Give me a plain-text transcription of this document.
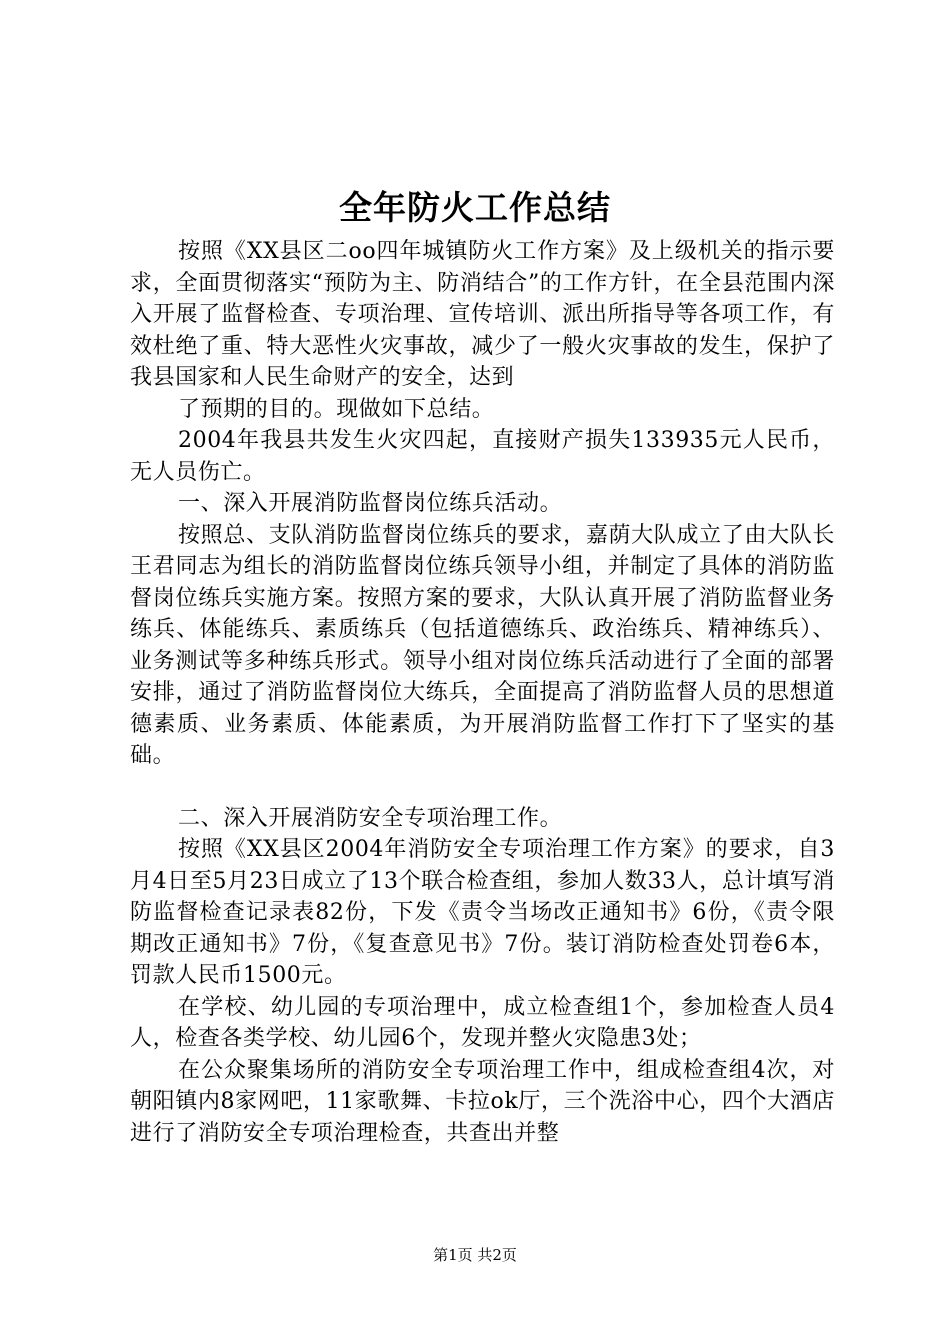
全年防火工作总结

按照《XX县区二oo四年城镇防火工作方案》及上级机关的指示要求，全面贯彻落实“预防为主、防消结合”的工作方针，在全县范围内深入开展了监督检查、专项治理、宣传培训、派出所指导等各项工作，有效杜绝了重、特大恶性火灾事故，减少了一般火灾事故的发生，保护了我县国家和人民生命财产的安全，达到

了预期的目的。现做如下总结。

2004年我县共发生火灾四起，直接财产损失133935元人民币，无人员伤亡。

一、深入开展消防监督岗位练兵活动。

按照总、支队消防监督岗位练兵的要求，嘉荫大队成立了由大队长王君同志为组长的消防监督岗位练兵领导小组，并制定了具体的消防监督岗位练兵实施方案。按照方案的要求，大队认真开展了消防监督业务练兵、体能练兵、素质练兵（包括道德练兵、政治练兵、精神练兵）、业务测试等多种练兵形式。领导小组对岗位练兵活动进行了全面的部署安排，通过了消防监督岗位大练兵，全面提高了消防监督人员的思想道德素质、业务素质、体能素质，为开展消防监督工作打下了坚实的基础。

二、深入开展消防安全专项治理工作。

按照《XX县区2004年消防安全专项治理工作方案》的要求，自3月4日至5月23日成立了13个联合检查组，参加人数33人，总计填写消防监督检查记录表82份，下发《责令当场改正通知书》6份，《责令限期改正通知书》7份，《复查意见书》7份。装订消防检查处罚卷6本，罚款人民币1500元。

在学校、幼儿园的专项治理中，成立检查组1个，参加检查人员4人，检查各类学校、幼儿园6个，发现并整火灾隐患3处；

在公众聚集场所的消防安全专项治理工作中，组成检查组4次，对朝阳镇内8家网吧，11家歌舞、卡拉ok厅，三个洗浴中心，四个大酒店进行了消防安全专项治理检查，共查出并整

第1页 共2页
